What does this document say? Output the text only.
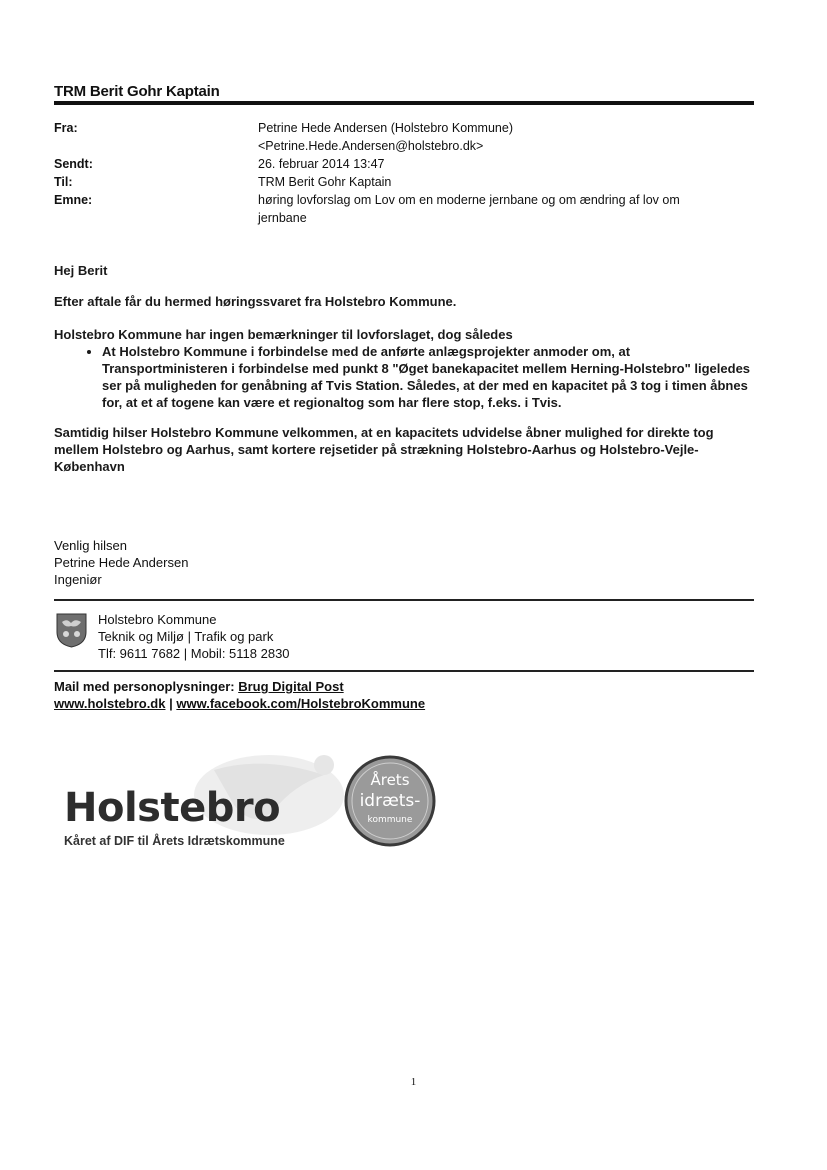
TRM Berit Gohr Kaptain
Fra:	Petrine Hede Andersen (Holstebro Kommune)
<Petrine.Hede.Andersen@holstebro.dk>
Sendt:	26. februar 2014 13:47
Til:	TRM Berit Gohr Kaptain
Emne:	høring lovforslag om Lov om en moderne jernbane og om ændring af lov om
jernbane
Hej Berit
Efter aftale får du hermed høringssvaret fra Holstebro Kommune.
Holstebro Kommune har ingen bemærkninger til lovforslaget, dog således
• At Holstebro Kommune i forbindelse med de anførte anlægsprojekter anmoder om, at Transportministeren i forbindelse med punkt 8 "Øget banekapacitet mellem Herning-Holstebro" ligeledes ser på muligheden for genåbning af Tvis Station. Således, at der med en kapacitet på 3 tog i timen åbnes for, at et af togene kan være et regionaltog som har flere stop, f.eks. i Tvis.
Samtidig hilser Holstebro Kommune velkommen, at en kapacitets udvidelse åbner mulighed for direkte tog mellem Holstebro og Aarhus, samt kortere rejsetider på strækning Holstebro-Aarhus og Holstebro-Vejle- København
Venlig hilsen
Petrine Hede Andersen
Ingeniør
Holstebro Kommune
Teknik og Miljø | Trafik og park
Tlf: 9611 7682 | Mobil: 5118 2830
Mail med personoplysninger: Brug Digital Post
www.holstebro.dk | www.facebook.com/HolstebroKommune
Holstebro
Kåret af DIF til Årets Idrætskommune
Årets
idræts-
kommune
1
